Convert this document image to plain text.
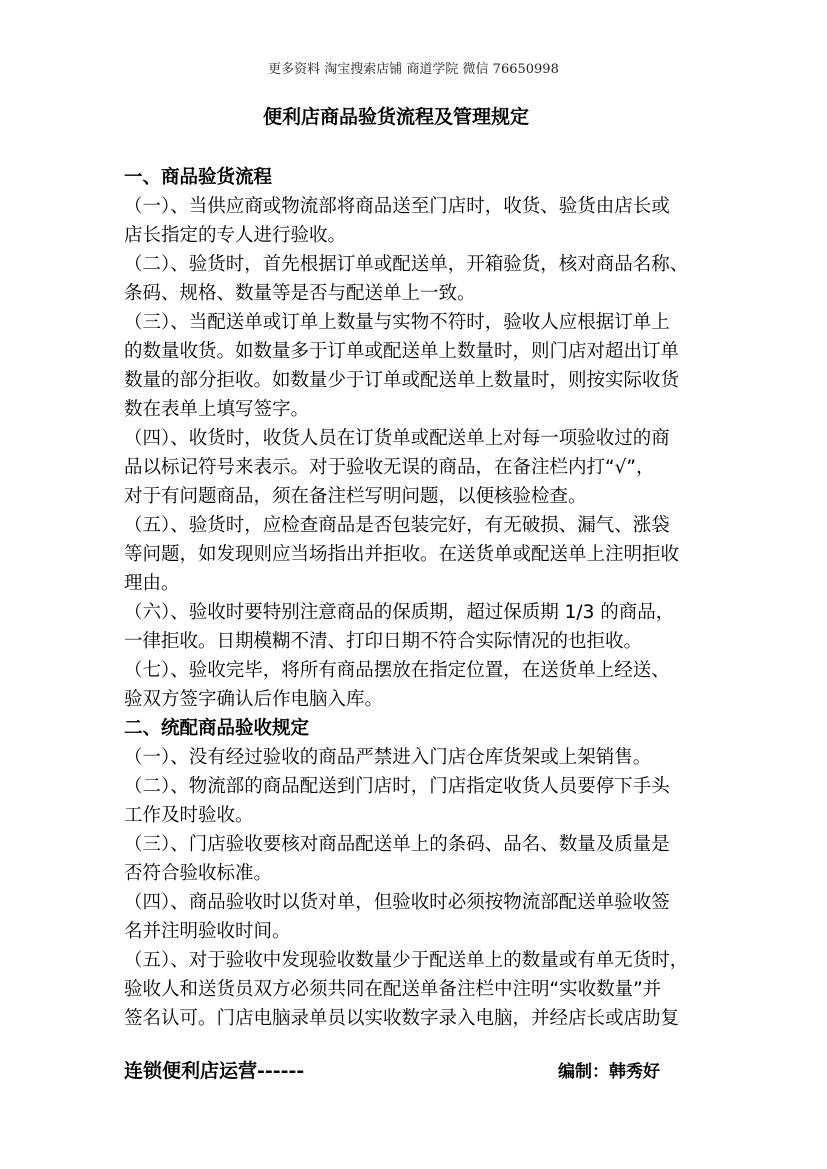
更多资料 淘宝搜索店铺 商道学院 微信 76650998
便利店商品验货流程及管理规定
一、商品验货流程
（一）、当供应商或物流部将商品送至门店时，收货、验货由店长或
店长指定的专人进行验收。
（二）、验货时，首先根据订单或配送单，开箱验货，核对商品名称、
条码、规格、数量等是否与配送单上一致。
（三）、当配送单或订单上数量与实物不符时，验收人应根据订单上
的数量收货。如数量多于订单或配送单上数量时，则门店对超出订单
数量的部分拒收。如数量少于订单或配送单上数量时，则按实际收货
数在表单上填写签字。
（四）、收货时，收货人员在订货单或配送单上对每一项验收过的商
品以标记符号来表示。对于验收无误的商品，在备注栏内打“√”，
对于有问题商品，须在备注栏写明问题，以便核验检查。
（五）、验货时，应检查商品是否包装完好，有无破损、漏气、涨袋
等问题，如发现则应当场指出并拒收。在送货单或配送单上注明拒收
理由。
（六）、验收时要特别注意商品的保质期，超过保质期 1/3 的商品，
一律拒收。日期模糊不清、打印日期不符合实际情况的也拒收。
（七）、验收完毕，将所有商品摆放在指定位置，在送货单上经送、
验双方签字确认后作电脑入库。
二、统配商品验收规定
（一）、没有经过验收的商品严禁进入门店仓库货架或上架销售。
（二）、物流部的商品配送到门店时，门店指定收货人员要停下手头
工作及时验收。
（三）、门店验收要核对商品配送单上的条码、品名、数量及质量是
否符合验收标准。
（四）、商品验收时以货对单，但验收时必须按物流部配送单验收签
名并注明验收时间。
（五）、对于验收中发现验收数量少于配送单上的数量或有单无货时，
验收人和送货员双方必须共同在配送单备注栏中注明“实收数量”并
签名认可。门店电脑录单员以实收数字录入电脑，并经店长或店助复
连锁便利店运营------	编制：韩秀好
